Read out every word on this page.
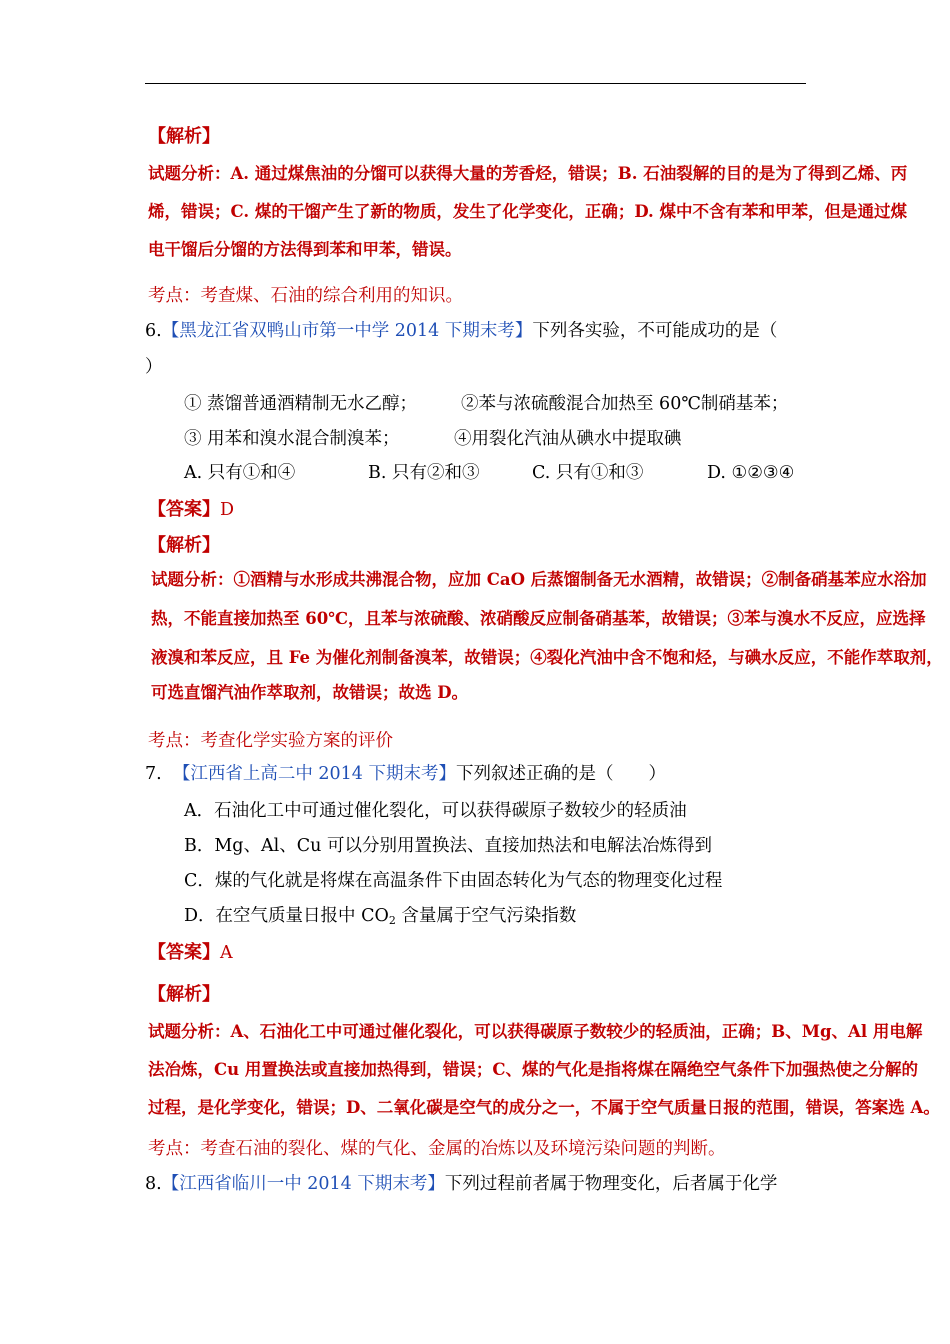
【解析】
试题分析：A. 通过煤焦油的分馏可以获得大量的芳香烃，错误；B. 石油裂解的目的是为了得到乙烯、丙
烯，错误；C. 煤的干馏产生了新的物质，发生了化学变化，正确；D. 煤中不含有苯和甲苯，但是通过煤
电干馏后分馏的方法得到苯和甲苯，错误。
考点：考查煤、石油的综合利用的知识。
6.【黑龙江省双鸭山市第一中学 2014 下期末考】下列各实验，不可能成功的是（
）
① 蒸馏普通酒精制无水乙醇；	②苯与浓硫酸混合加热至 60℃制硝基苯；
③ 用苯和溴水混合制溴苯；	④用裂化汽油从碘水中提取碘
A. 只有①和④	B. 只有②和③	C. 只有①和③	D. ①②③④
【答案】D
【解析】
试题分析：①酒精与水形成共沸混合物，应加 CaO 后蒸馏制备无水酒精，故错误；②制备硝基苯应水浴加
热，不能直接加热至 60℃，且苯与浓硫酸、浓硝酸反应制备硝基苯，故错误；③苯与溴水不反应，应选择
液溴和苯反应，且 Fe 为催化剂制备溴苯，故错误；④裂化汽油中含不饱和烃，与碘水反应，不能作萃取剂，
可选直馏汽油作萃取剂，故错误；故选 D。
考点：考查化学实验方案的评价
7. 【江西省上高二中 2014 下期末考】下列叙述正确的是（　　）
A．石油化工中可通过催化裂化，可以获得碳原子数较少的轻质油
B．Mg、Al、Cu 可以分别用置换法、直接加热法和电解法冶炼得到
C．煤的气化就是将煤在高温条件下由固态转化为气态的物理变化过程
D．在空气质量日报中 $CO_2$ 含量属于空气污染指数
【答案】A
【解析】
试题分析：A、石油化工中可通过催化裂化，可以获得碳原子数较少的轻质油，正确；B、Mg、Al 用电解
法冶炼，Cu 用置换法或直接加热得到，错误；C、煤的气化是指将煤在隔绝空气条件下加强热使之分解的
过程，是化学变化，错误；D、二氧化碳是空气的成分之一，不属于空气质量日报的范围，错误，答案选 A。
考点：考查石油的裂化、煤的气化、金属的冶炼以及环境污染问题的判断。
8.【江西省临川一中 2014 下期末考】下列过程前者属于物理变化，后者属于化学
